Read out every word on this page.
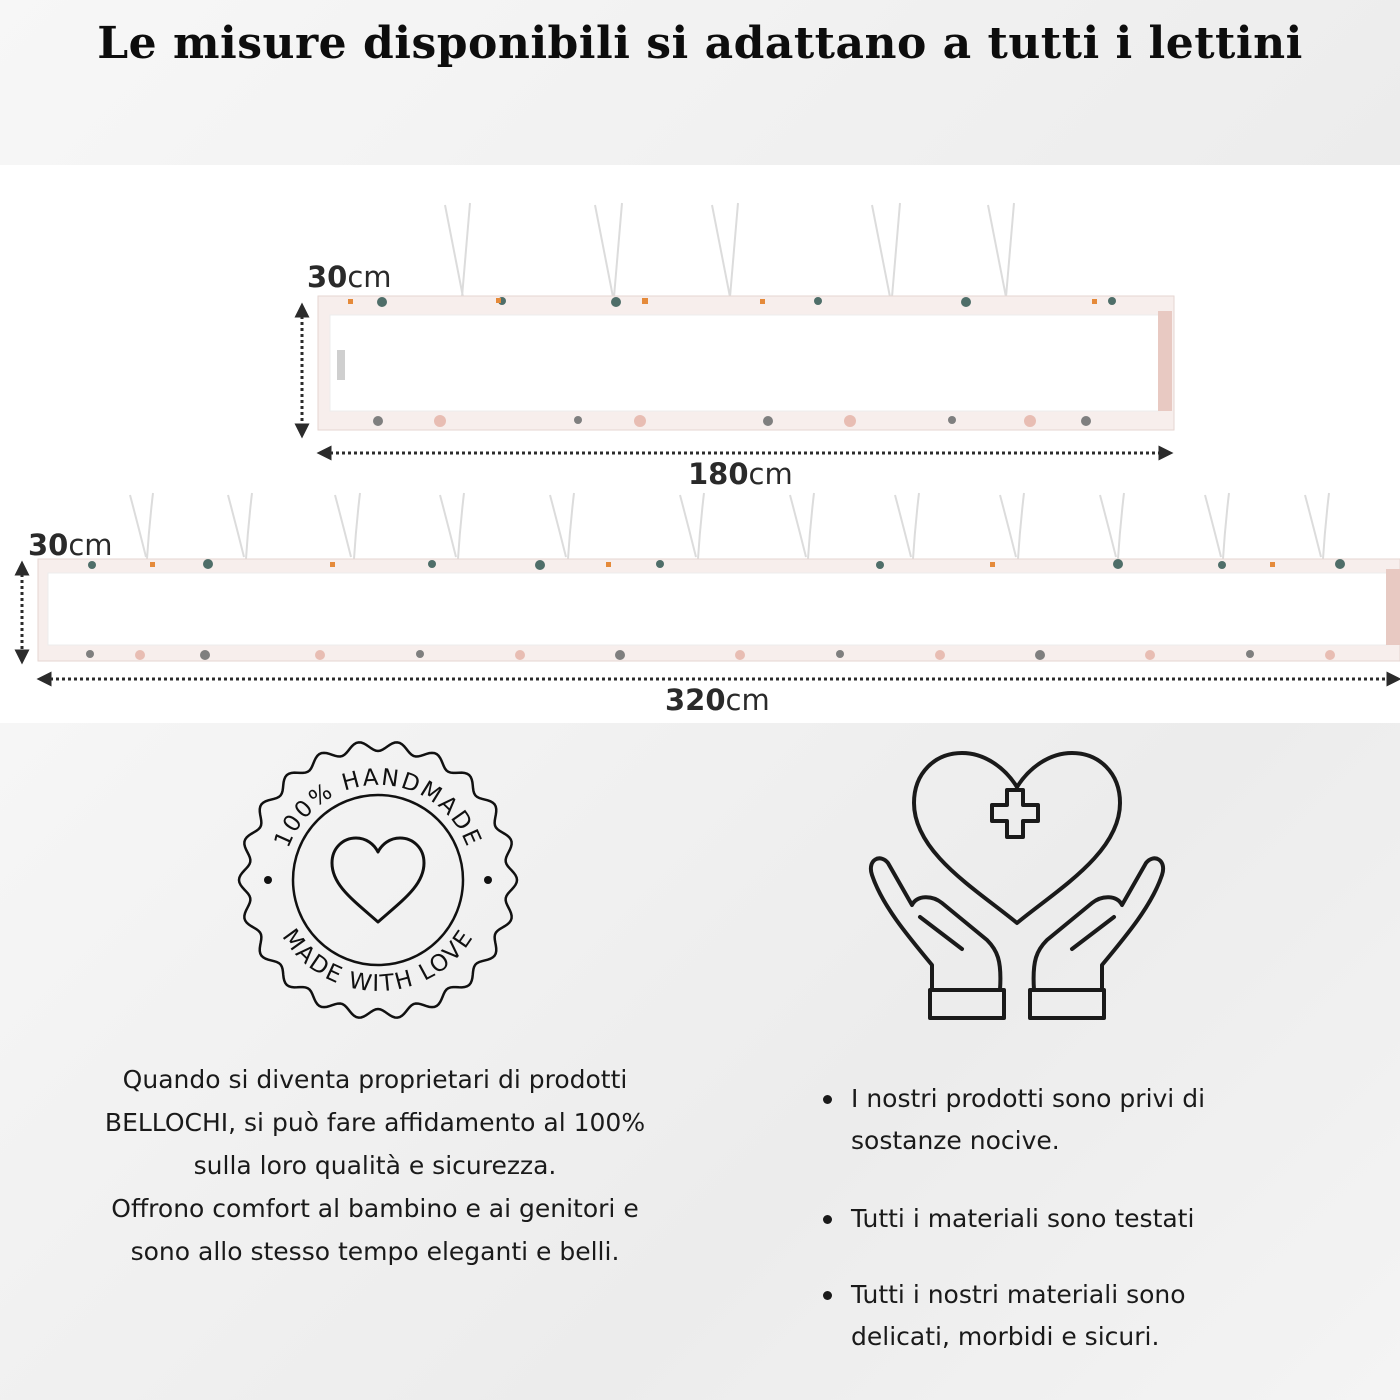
Le misure disponibili si adattano a tutti i lettini
30cm
180cm
30cm
320cm
100% HANDMADE
MADE WITH LOVE

Quando si diventa proprietari di prodotti

BELLOCHI, si può fare affidamento al 100%

sulla loro qualità e sicurezza.

Offrono comfort al bambino e ai genitori e

sono allo stesso tempo eleganti e belli.

I nostri prodotti sono privi di
sostanze nocive.
Tutti i materiali sono testati
Tutti i nostri materiali sono
delicati, morbidi e sicuri.
